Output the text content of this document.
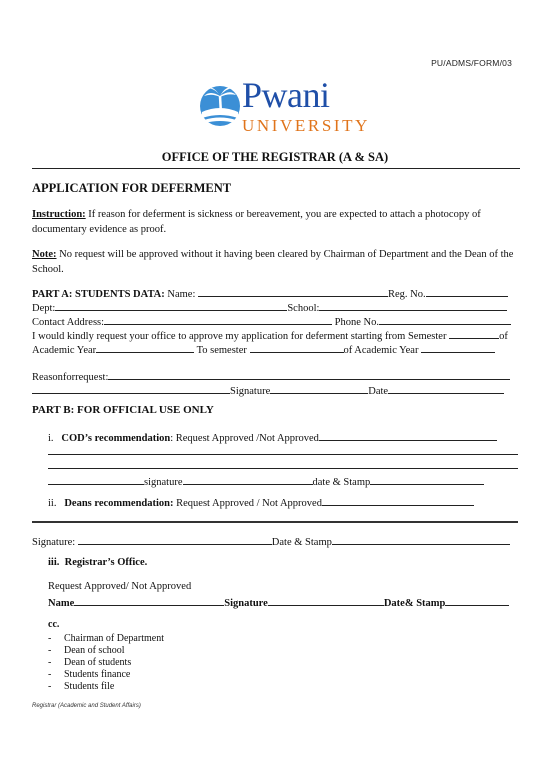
PU/ADMS/FORM/03
Pwani
UNIVERSITY
OFFICE OF THE REGISTRAR (A & SA)
APPLICATION FOR DEFERMENT
Instruction: If reason for deferment is sickness or bereavement, you are expected to attach a photocopy of documentary evidence as proof.
Note: No request will be approved without it having been cleared by Chairman of Department and the Dean of the School.
PART A: STUDENTS DATA: Name:	Reg. No.
Dept:	School:
Contact Address:	Phone No.
I would kindly request your office to approve my application for deferment starting from Semester	of
Academic Year	To semester	of Academic Year
Reasonforrequest:
Signature	Date
PART B: FOR OFFICIAL USE ONLY
i. COD’s recommendation: Request Approved /Not Approved
signature	date & Stamp
ii. Deans recommendation: Request Approved / Not Approved
Signature:	Date & Stamp
iii. Registrar’s Office.
Request Approved/ Not Approved
Name	Signature	Date& Stamp
cc.
- Chairman of Department
- Dean of school
- Dean of students
- Students finance
- Students file
Registrar (Academic and Student Affairs)
